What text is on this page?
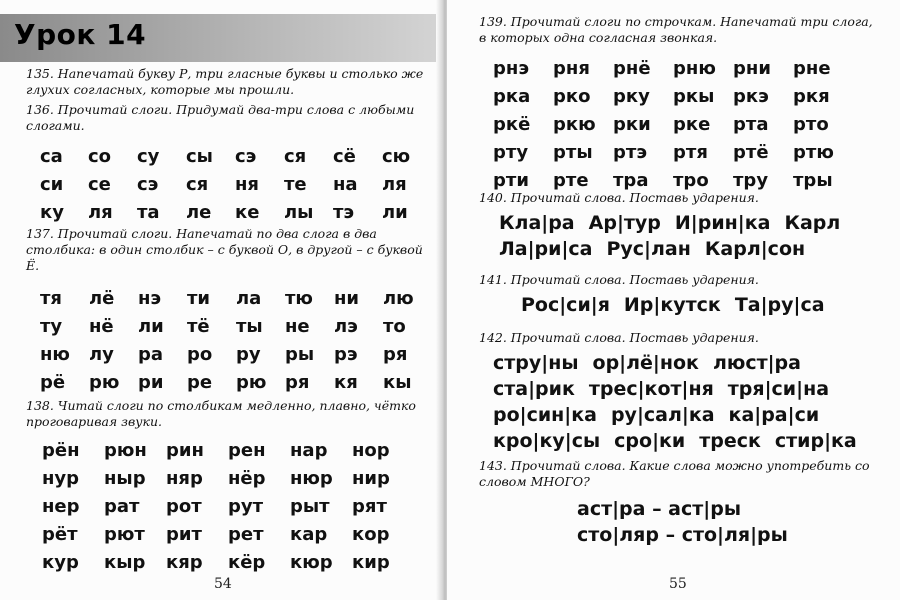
Урок 14
135. Напечатай букву Р, три гласные буквы и столько же глухих согласных, которые мы прошли.
136. Прочитай слоги. Придумай два-три слова с любыми слогами.
са со су сы сэ ся сё сю
си се сэ ся ня те на ля
ку ля та ле ке лы тэ ли
137. Прочитай слоги. Напечатай по два слога в два столбика: в один столбик – с буквой О, в другой – с буквой Ё.
тя лё нэ ти ла тю ни лю
ту нё ли тё ты не лэ то
ню лу ра ро ру ры рэ ря
рё рю ри ре рю ря кя кы
138. Читай слоги по столбикам медленно, плавно, чётко проговаривая звуки.
рён рюн рин рен нар нор
нур ныр няр нёр нюр нир
нер рат рот рут рыт рят
рёт рют рит рет кар кор
кур кыр кяр кёр кюр кир
54
139. Прочитай слоги по строчкам. Напечатай три слога, в которых одна согласная звонкая.
рнэ рня рнё рню рни рне
рка рко рку ркы ркэ ркя
ркё ркю рки рке рта рто
рту рты ртэ ртя ртё ртю
рти рте тра тро тру тры
140. Прочитай слова. Поставь ударения.
Кла|ра Ар|тур И|рин|ка Карл
Ла|ри|са Рус|лан Карл|сон
141. Прочитай слова. Поставь ударения.
Рос|си|я Ир|кутск Та|ру|са
142. Прочитай слова. Поставь ударения.
стру|ны ор|лё|нок люст|ра
ста|рик трес|кот|ня тря|си|на
ро|син|ка ру|сал|ка ка|ра|си
кро|ку|сы сро|ки треск стир|ка
143. Прочитай слова. Какие слова можно употребить со словом МНОГО?
аст|ра – аст|ры
сто|ляр – сто|ля|ры
55
